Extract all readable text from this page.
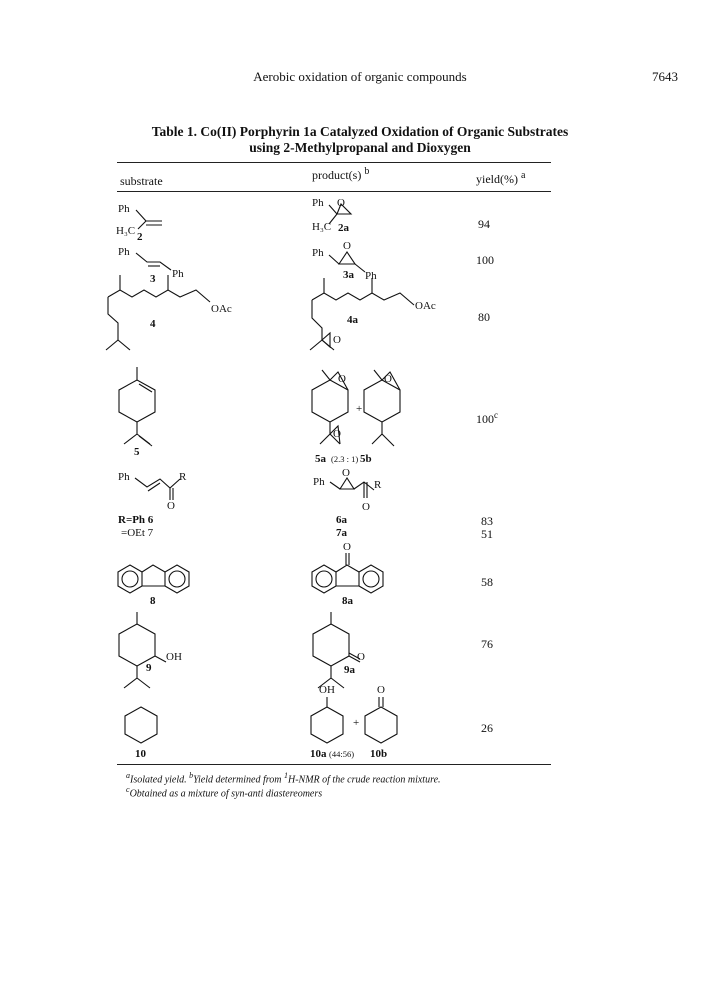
Aerobic oxidation of organic compounds	7643
Table 1. Co(II) Porphyrin 1a Catalyzed Oxidation of Organic Substrates
using 2-Methylpropanal and Dioxygen
substrate	product(s) $^b$
yield(%) $^a$
94
100
80
100$^c$
83
51
58
76
26
Ph
H₃C 2
Ph O
H₃C 2a
Ph
3 Ph
Ph
O
3a Ph
OAc
4
O
OAc
4a
5
O
O
+
O
5a (2.3 : 1) 5b
Ph
O
R
R=Ph 6
=OEt 7
Ph
O
O
R
6a
7a
8
O
8a
OH
9
O
9a
10
OH
+
O
10a (44:56) 10b
$^a$Isolated yield. $^b$Yield determined from $^1$H-NMR of the crude reaction mixture.
$^c$Obtained as a mixture of syn-anti diastereomers
